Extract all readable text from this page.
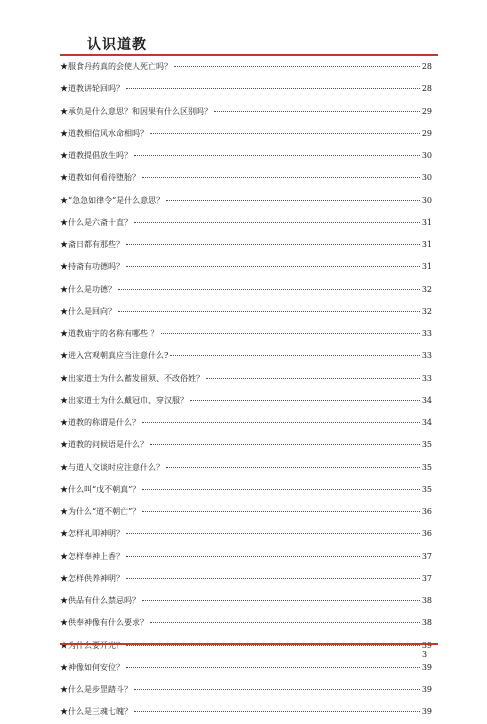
认识道教
★服食丹药真的会使人死亡吗？	28
★道教讲轮回吗？	28
★承负是什么意思？和因果有什么区别吗？	29
★道教相信风水命相吗？	29
★道教提倡放生吗？	30
★道教如何看待堕胎？	30
★“急急如律令”是什么意思？	30
★什么是六斋十直？	31
★斋日都有那些？	31
★持斋有功德吗？	31
★什么是功德？	32
★什么是回向？	32
★道教庙宇的名称有哪些 ？	33
★进入宫观朝真应当注意什么?	33
★出家道士为什么蓄发留须、不改俗姓？	33
★出家道士为什么戴冠巾、穿汉服？	34
★道教的称谓是什么？	34
★道教的问候语是什么？	35
★与道人交谈时应注意什么？	35
★什么叫“戊不朝真”？	35
★为什么“道不朝亡”？	36
★怎样礼叩神明？	36
★怎样奉神上香？	37
★怎样供养神明？	37
★供品有什么禁忌吗？	38
★供奉神像有什么要求？	38
★为什么要开光？	39
★神像如何安位？	39
★什么是步罡踏斗？	39
★什么是三魂七魄？	39
3
